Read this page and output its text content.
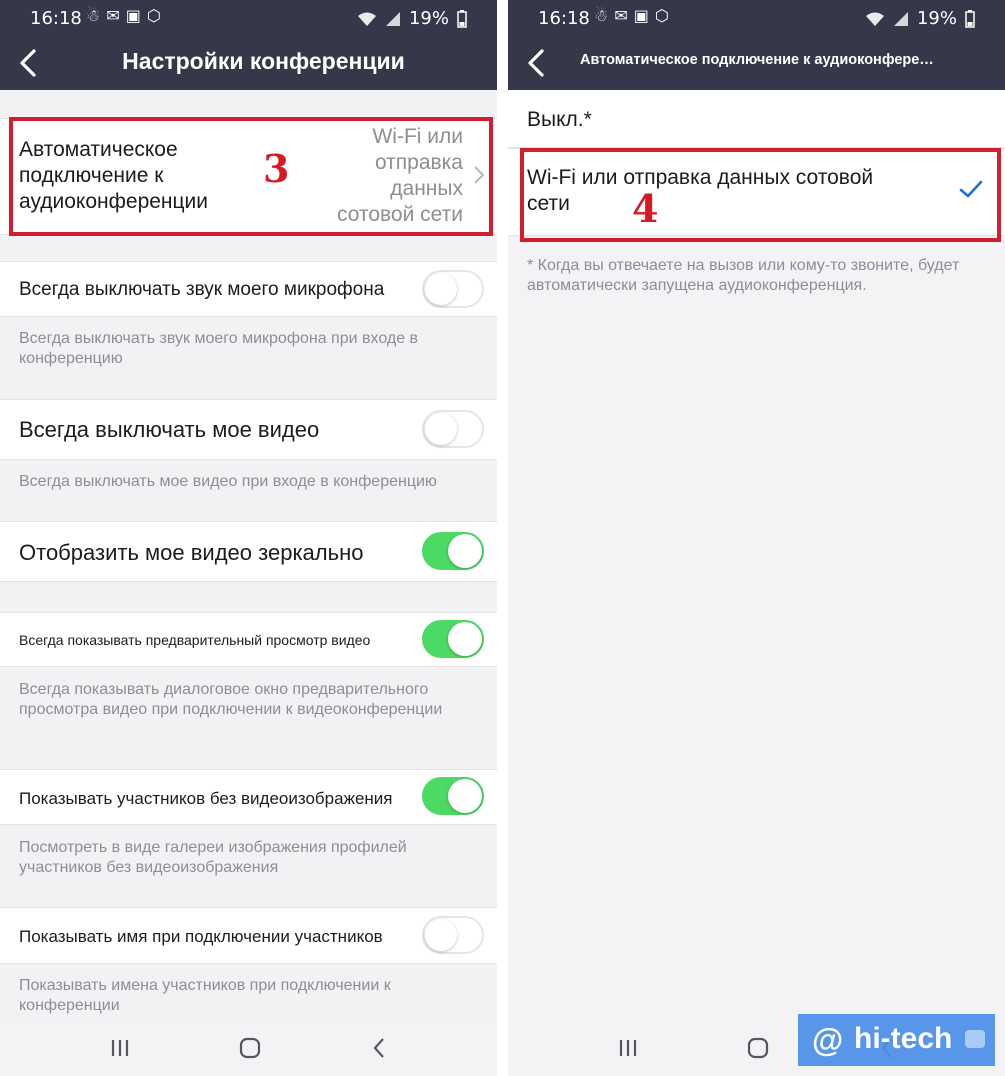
16:18 ☃ ✉ ▣ ⬡	19%
Настройки конференции
Автоматическое подключение к аудиоконференции
Wi-Fi или отправка данных сотовой сети
3
Всегда выключать звук моего микрофона
Всегда выключать звук моего микрофона при входе в конференцию
Всегда выключать мое видео
Всегда выключать мое видео при входе в конференцию
Отобразить мое видео зеркально
Всегда показывать предварительный просмотр видео
Всегда показывать диалоговое окно предварительного просмотра видео при подключении к видеоконференции
Показывать участников без видеоизображения
Посмотреть в виде галереи изображения профилей участников без видеоизображения
Показывать имя при подключении участников
Показывать имена участников при подключении к конференции
16:18 ☃ ✉ ▣ ⬡	19%
Автоматическое подключение к аудиоконфере…
Выкл.*
Wi-Fi или отправка данных сотовой сети	4
* Когда вы отвечаете на вызов или кому-то звоните, будет автоматически запущена аудиоконференция.
@ hi-tech
